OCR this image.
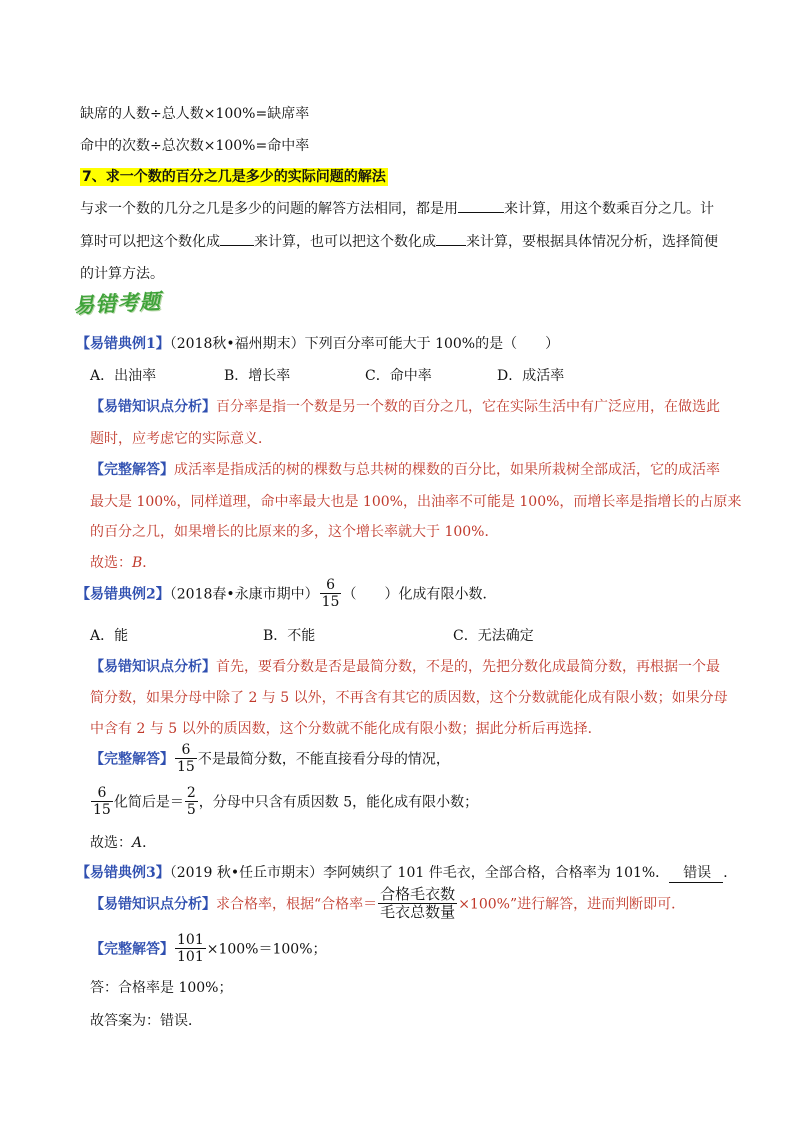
缺席的人数÷总人数×100%=缺席率
命中的次数÷总次数×100%=命中率
7、求一个数的百分之几是多少的实际问题的解法
与求一个数的几分之几是多少的问题的解答方法相同，都是用	来计算，用这个数乘百分之几。计
算时可以把这个数化成 来计算，也可以把这个数化成 来计算，要根据具体情况分析，选择简便
的计算方法。
易错考题
【易错典例1】（2018秋•福州期末）下列百分率可能大于 100%的是（　　）
A．出油率	B．增长率	C．命中率	D．成活率
【易错知识点分析】百分率是指一个数是另一个数的百分之几，它在实际生活中有广泛应用，在做选此
题时，应考虑它的实际意义．
【完整解答】成活率是指成活的树的棵数与总共树的棵数的百分比，如果所栽树全部成活，它的成活率
最大是 100%，同样道理，命中率最大也是 100%，出油率不可能是 100%，而增长率是指增长的占原来
的百分之几，如果增长的比原来的多，这个增长率就大于 100%．
故选：B．
【易错典例2】（2018春•永康市期中） $\frac{6}{15}$ （　　）化成有限小数．
A．能	B．不能	C．无法确定
【易错知识点分析】首先，要看分数是否是最简分数，不是的，先把分数化成最简分数，再根据一个最
简分数，如果分母中除了 2 与 5 以外，不再含有其它的质因数，这个分数就能化成有限小数；如果分母
中含有 2 与 5 以外的质因数，这个分数就不能化成有限小数；据此分析后再选择．
【完整解答】 $\frac{6}{15}$ 不是最简分数，不能直接看分母的情况，
$\frac{6}{15}$ 化简后是＝ $\frac{2}{5}$ ，分母中只含有质因数 5，能化成有限小数；
故选：A．
【易错典例3】（2019 秋•任丘市期末）李阿姨织了 101 件毛衣，全部合格，合格率为 101%． 错误 ．
【易错知识点分析】求合格率，根据“合格率＝ $\frac{\text{合格毛衣数}}{\text{毛衣总数量}} \times 100\%$”进行解答，进而判断即可．
【完整解答】 $\frac{101}{101} \times 100\%=100\%$；
答：合格率是 100%；
故答案为：错误．
